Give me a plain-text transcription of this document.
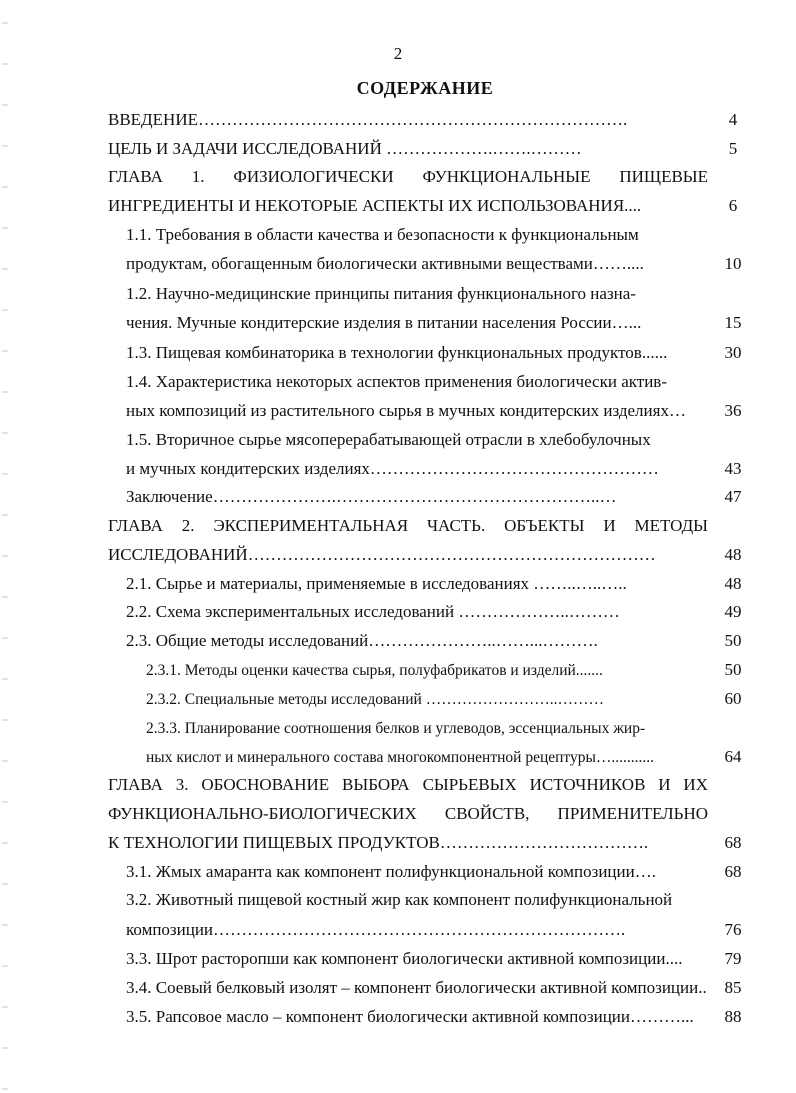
2
СОДЕРЖАНИЕ
ВВЕДЕНИЕ………………………………………………………………….	4
ЦЕЛЬ И ЗАДАЧИ ИССЛЕДОВАНИЙ ……………….…….………	5
ГЛАВА 1. ФИЗИОЛОГИЧЕСКИ ФУНКЦИОНАЛЬНЫЕ ПИЩЕВЫЕ
ИНГРЕДИЕНТЫ И НЕКОТОРЫЕ АСПЕКТЫ ИХ ИСПОЛЬЗОВАНИЯ....	6
1.1. Требования в области качества и безопасности к функциональным
продуктам, обогащенным биологически активными веществами……....	10
1.2. Научно-медицинские принципы питания функционального назна-
чения. Мучные кондитерские изделия в питании населения России…...	15
1.3. Пищевая комбинаторика в технологии функциональных продуктов......	30
1.4. Характеристика некоторых аспектов применения биологически актив-
ных композиций из растительного сырья в мучных кондитерских изделиях…	36
1.5. Вторичное сырье мясоперерабатывающей отрасли в хлебобулочных
и мучных кондитерских изделиях……………………………………………	43
Заключение………………….………………………………………..…	47
ГЛАВА 2. ЭКСПЕРИМЕНТАЛЬНАЯ ЧАСТЬ. ОБЪЕКТЫ И МЕТОДЫ
ИССЛЕДОВАНИЙ………………………………………………………………	48
2.1. Сырье и материалы, применяемые в исследованиях ……..…..…..	48
2.2. Схема экспериментальных исследований ………………..………	49
2.3. Общие методы исследований…………………..……...……….	50
2.3.1. Методы оценки качества сырья, полуфабрикатов и изделий.......	50
2.3.2. Специальные методы исследований ……………………..………	60
2.3.3. Планирование соотношения белков и углеводов, эссенциальных жир-
ных кислот и минерального состава многокомпонентной рецептуры…...........	64
ГЛАВА 3. ОБОСНОВАНИЕ ВЫБОРА СЫРЬЕВЫХ ИСТОЧНИКОВ И ИХ
ФУНКЦИОНАЛЬНО-БИОЛОГИЧЕСКИХ СВОЙСТВ, ПРИМЕНИТЕЛЬНО
К ТЕХНОЛОГИИ ПИЩЕВЫХ ПРОДУКТОВ……………………………….	68
3.1. Жмых амаранта как компонент полифункциональной композиции….	68
3.2. Животный пищевой костный жир как компонент полифункциональной
композиции……………………………………………………………….	76
3.3. Шрот расторопши как компонент биологически активной композиции....	79
3.4. Соевый белковый изолят – компонент биологически активной композиции..	85
3.5. Рапсовое масло – компонент биологически активной композиции………...	88
